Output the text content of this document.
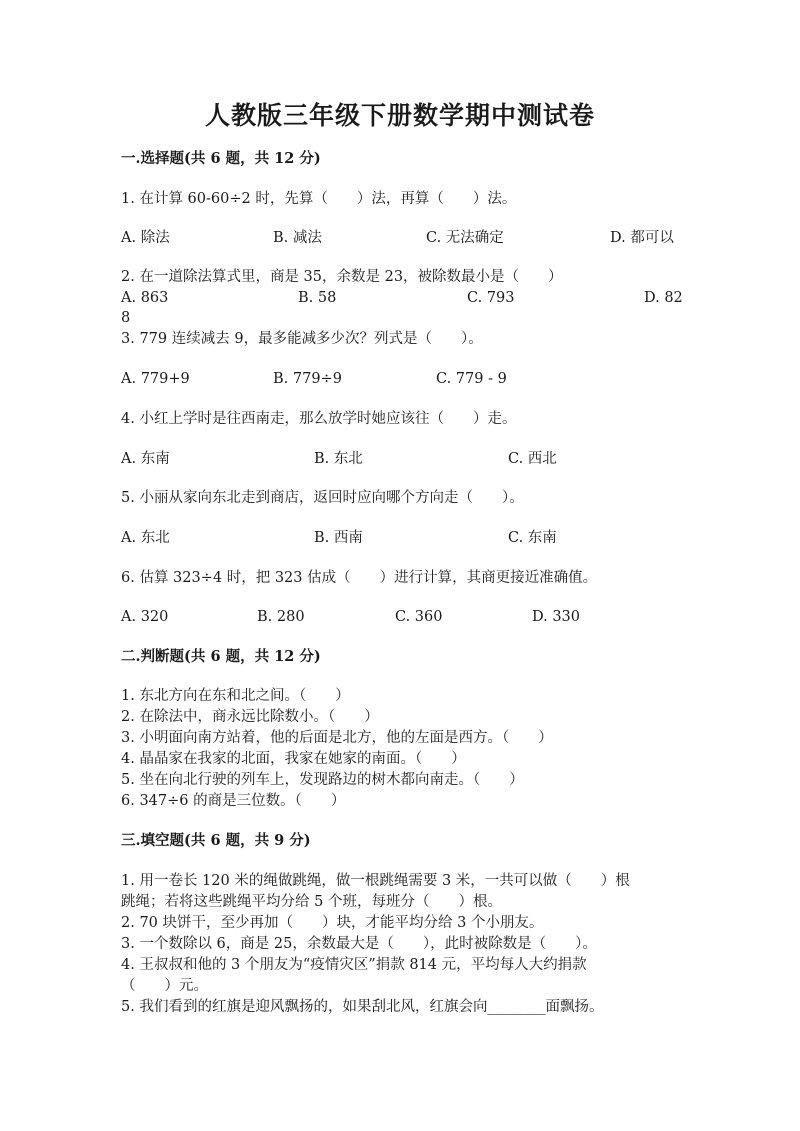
人教版三年级下册数学期中测试卷
一.选择题(共 6 题，共 12 分)
1. 在计算 60-60÷2 时，先算（　　）法，再算（　　）法。
A. 除法	B. 减法	C. 无法确定	D. 都可以
2. 在一道除法算式里，商是 35，余数是 23，被除数最小是（　　）
A. 863	B. 58	C. 793	D. 82
8
3. 779 连续减去 9，最多能减多少次？列式是（　　）。
A. 779+9	B. 779÷9	C. 779 - 9
4. 小红上学时是往西南走，那么放学时她应该往（　　）走。
A. 东南	B. 东北	C. 西北
5. 小丽从家向东北走到商店，返回时应向哪个方向走（　　）。
A. 东北	B. 西南	C. 东南
6. 估算 323÷4 时，把 323 估成（　　）进行计算，其商更接近准确值。
A. 320	B. 280	C. 360	D. 330
二.判断题(共 6 题，共 12 分)
1. 东北方向在东和北之间。（　　）
2. 在除法中，商永远比除数小。（　　）
3. 小明面向南方站着，他的后面是北方，他的左面是西方。（　　）
4. 晶晶家在我家的北面，我家在她家的南面。（　　）
5. 坐在向北行驶的列车上，发现路边的树木都向南走。（　　）
6. 347÷6 的商是三位数。（　　）
三.填空题(共 6 题，共 9 分)
1. 用一卷长 120 米的绳做跳绳，做一根跳绳需要 3 米，一共可以做（　　）根
跳绳；若将这些跳绳平均分给 5 个班，每班分（　　）根。
2. 70 块饼干，至少再加（　　）块，才能平均分给 3 个小朋友。
3. 一个数除以 6，商是 25，余数最大是（　　），此时被除数是（　　）。
4. 王叔叔和他的 3 个朋友为“疫情灾区”捐款 814 元，平均每人大约捐款
（　　）元。
5. 我们看到的红旗是迎风飘扬的，如果刮北风，红旗会向________面飘扬。
